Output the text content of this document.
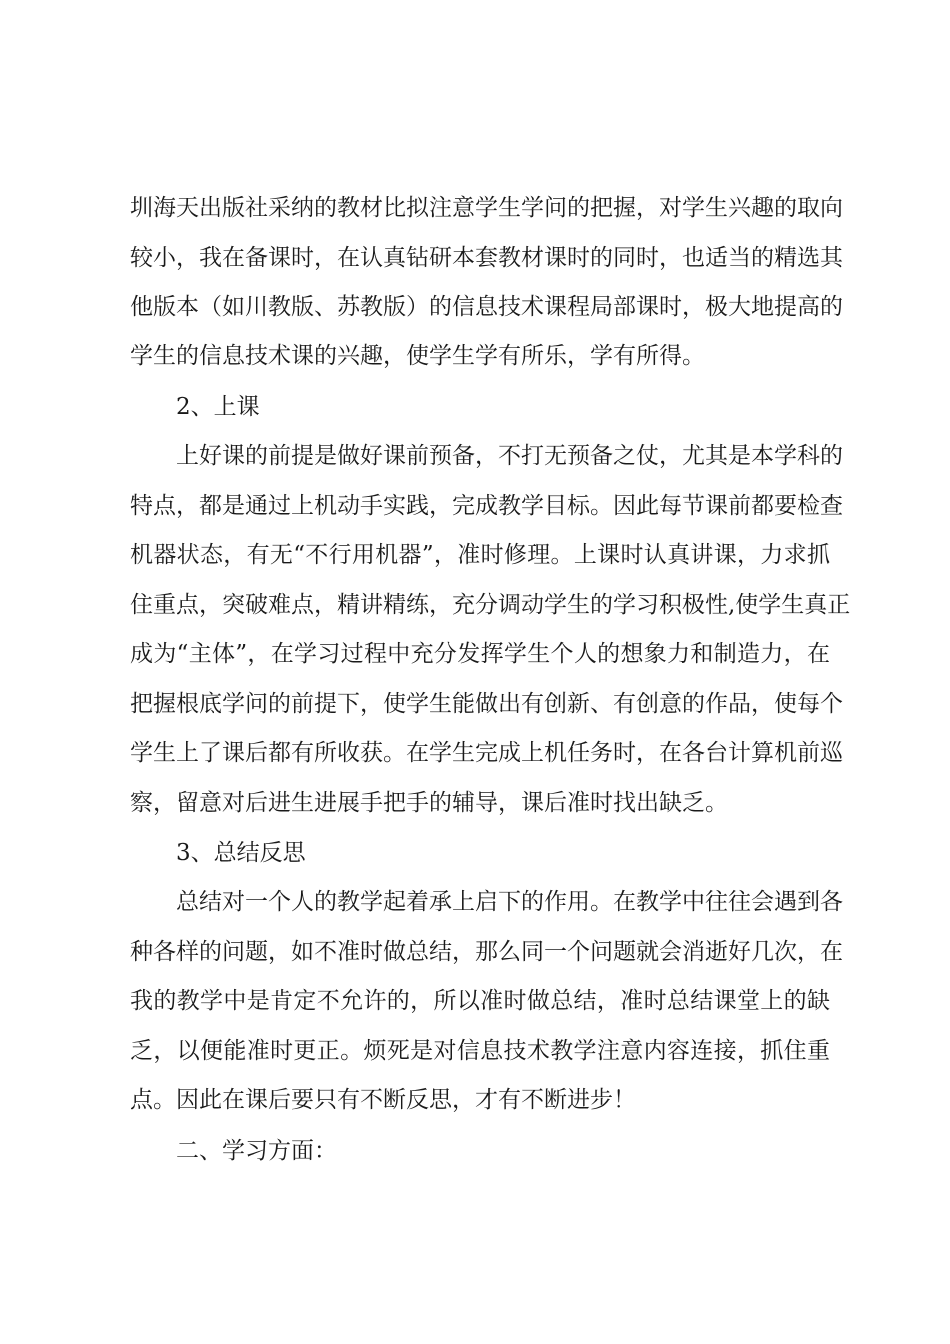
圳海天出版社采纳的教材比拟注意学生学问的把握，对学生兴趣的取向
较小，我在备课时，在认真钻研本套教材课时的同时，也适当的精选其
他版本（如川教版、苏教版）的信息技术课程局部课时，极大地提高的
学生的信息技术课的兴趣，使学生学有所乐，学有所得。
2、上课
上好课的前提是做好课前预备，不打无预备之仗，尤其是本学科的
特点，都是通过上机动手实践，完成教学目标。因此每节课前都要检查
机器状态，有无“不行用机器”，准时修理。上课时认真讲课，力求抓
住重点，突破难点，精讲精练，充分调动学生的学习积极性,使学生真正
成为“主体”，在学习过程中充分发挥学生个人的想象力和制造力，在
把握根底学问的前提下，使学生能做出有创新、有创意的作品，使每个
学生上了课后都有所收获。在学生完成上机任务时，在各台计算机前巡
察，留意对后进生进展手把手的辅导，课后准时找出缺乏。
3、总结反思
总结对一个人的教学起着承上启下的作用。在教学中往往会遇到各
种各样的问题，如不准时做总结，那么同一个问题就会消逝好几次，在
我的教学中是肯定不允许的，所以准时做总结，准时总结课堂上的缺
乏，以便能准时更正。烦死是对信息技术教学注意内容连接，抓住重
点。因此在课后要只有不断反思，才有不断进步！
二、学习方面：
